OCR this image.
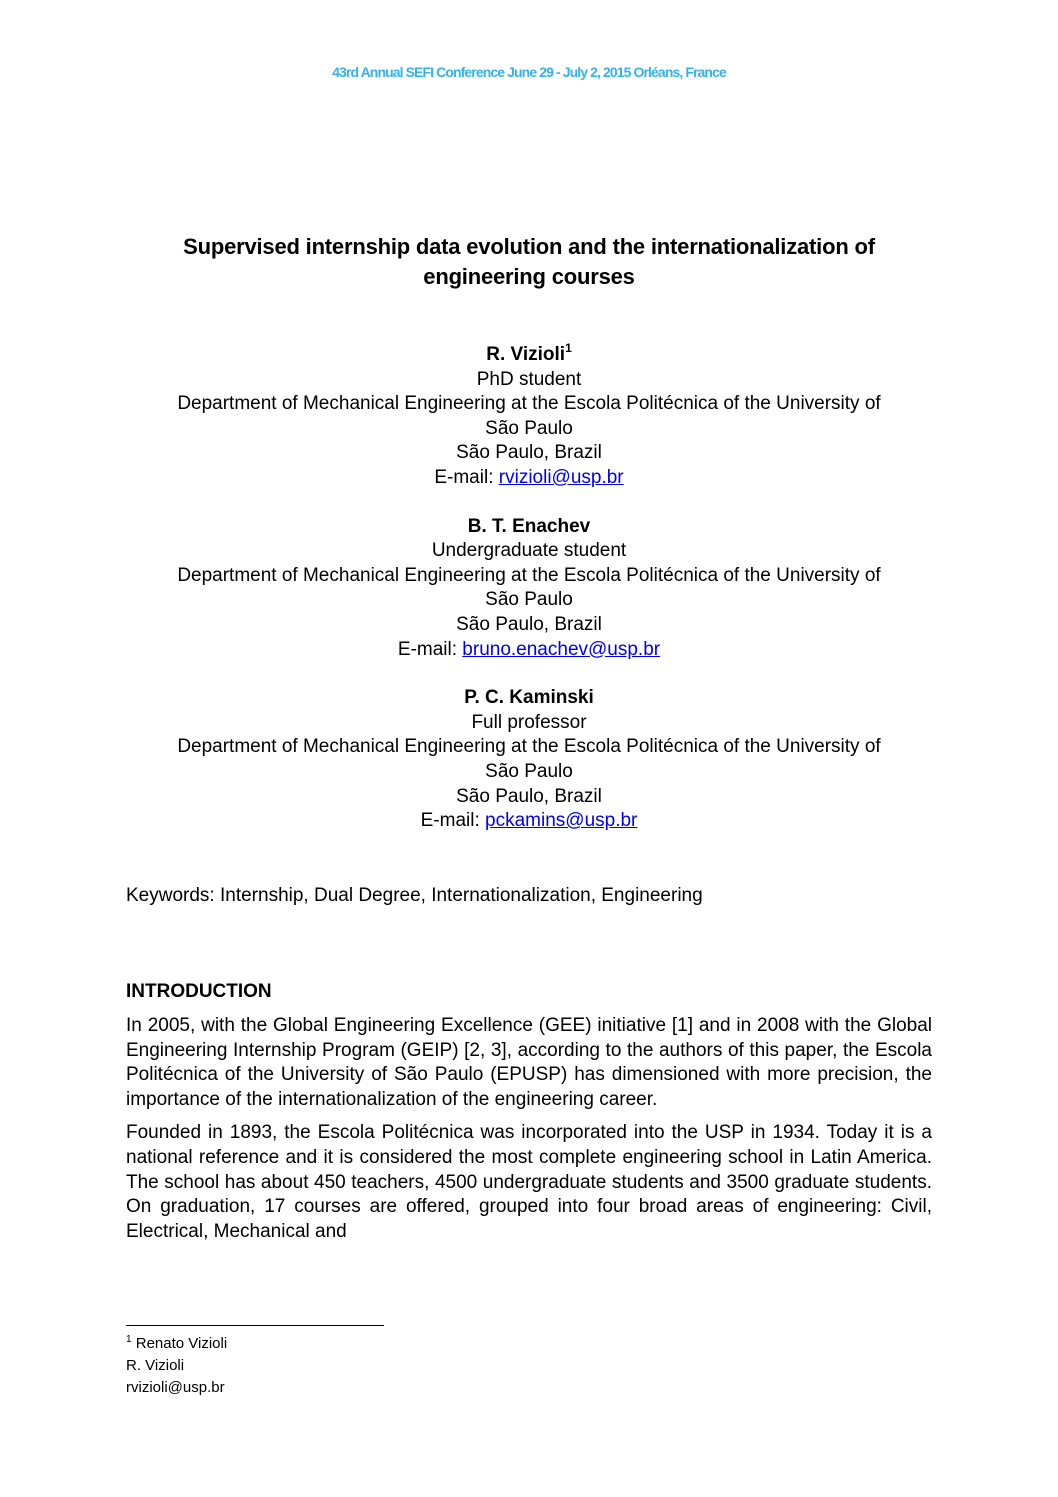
43rd Annual SEFI Conference June 29 - July 2, 2015 Orléans, France
Supervised internship data evolution and the internationalization of
engineering courses
R. Vizioli$^1$
PhD student
Department of Mechanical Engineering at the Escola Politécnica of the University of
São Paulo
São Paulo, Brazil
E-mail: rvizioli@usp.br
B. T. Enachev
Undergraduate student
Department of Mechanical Engineering at the Escola Politécnica of the University of
São Paulo
São Paulo, Brazil
E-mail: bruno.enachev@usp.br
P. C. Kaminski
Full professor
Department of Mechanical Engineering at the Escola Politécnica of the University of
São Paulo
São Paulo, Brazil
E-mail: pckamins@usp.br
Keywords: Internship, Dual Degree, Internationalization, Engineering
INTRODUCTION

In 2005, with the Global Engineering Excellence (GEE) initiative [1] and in 2008 with the Global Engineering Internship Program (GEIP) [2, 3], according to the authors of this paper, the Escola Politécnica of the University of São Paulo (EPUSP) has dimensioned with more precision, the importance of the internationalization of the engineering career.

Founded in 1893, the Escola Politécnica was incorporated into the USP in 1934. Today it is a national reference and it is considered the most complete engineering school in Latin America. The school has about 450 teachers, 4500 undergraduate students and 3500 graduate students. On graduation, 17 courses are offered, grouped into four broad areas of engineering: Civil, Electrical, Mechanical and

$^1$ Renato Vizioli
R. Vizioli
rvizioli@usp.br
